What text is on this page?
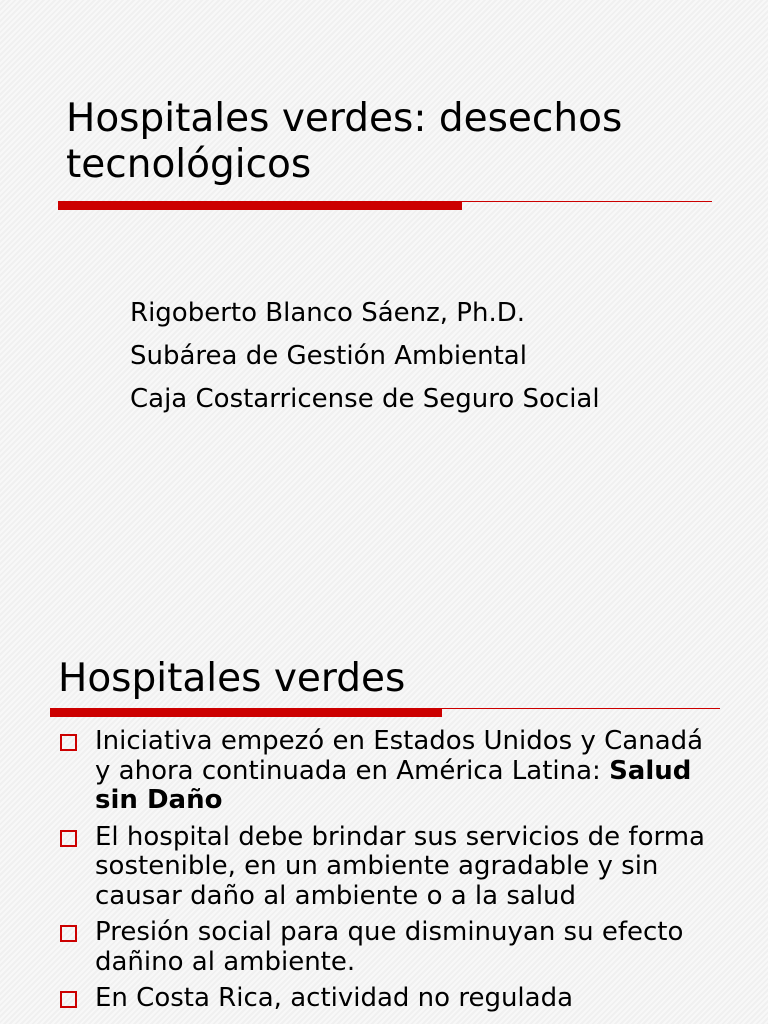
Hospitales verdes: desechos tecnológicos
Rigoberto Blanco Sáenz, Ph.D.
Subárea de Gestión Ambiental
Caja Costarricense de Seguro Social
Hospitales verdes
Iniciativa empezó en Estados Unidos y Canadá y ahora continuada en América Latina: Salud sin Daño
El hospital debe brindar sus servicios de forma sostenible, en un ambiente agradable y sin causar daño al ambiente o a la salud
Presión social para que disminuyan su efecto dañino al ambiente.
En Costa Rica, actividad no regulada
